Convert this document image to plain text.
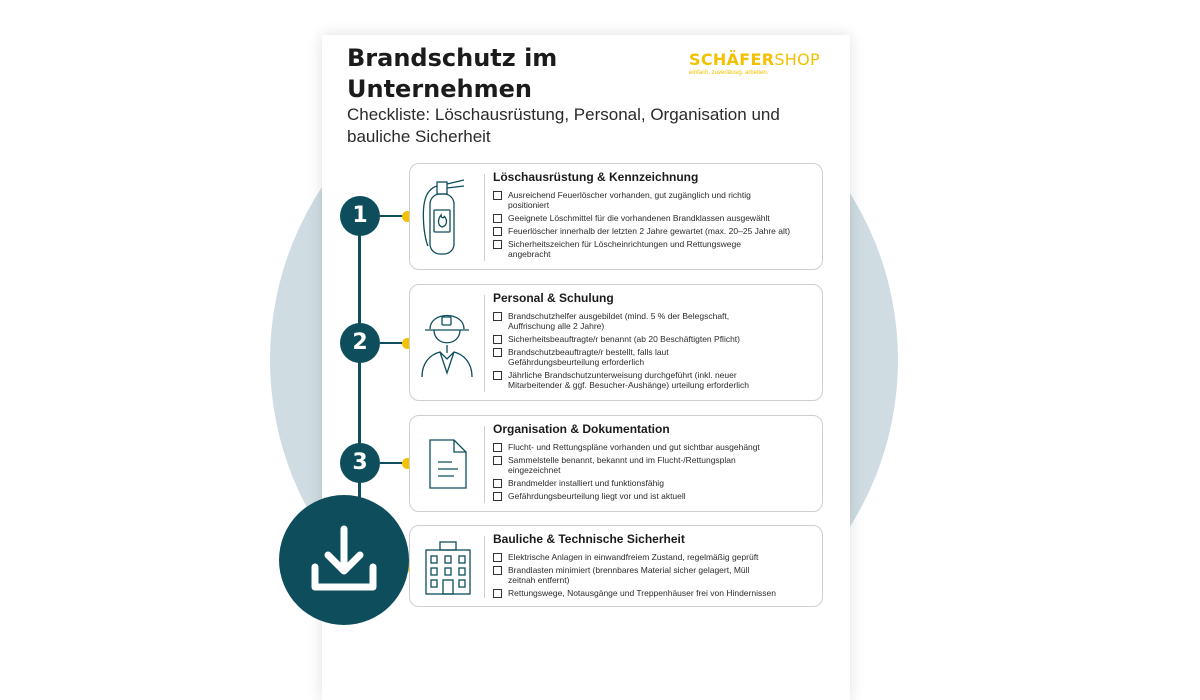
Brandschutz im
Unternehmen
Checkliste: Löschausrüstung, Personal, Organisation und bauliche Sicherheit
SCHÄFERSHOP
einfach. zuverlässig. arbeiten.
1
Löschausrüstung & Kennzeichnung
Ausreichend Feuerlöscher vorhanden, gut zugänglich und richtig
positioniert
Geeignete Löschmittel für die vorhandenen Brandklassen ausgewählt
Feuerlöscher innerhalb der letzten 2 Jahre gewartet (max. 20–25 Jahre alt)
Sicherheitszeichen für Löscheinrichtungen und Rettungswege
angebracht
2
Personal & Schulung
Brandschutzhelfer ausgebildet (mind. 5 % der Belegschaft,
Auffrischung alle 2 Jahre)
Sicherheitsbeauftragte/r benannt (ab 20 Beschäftigten Pflicht)
Brandschutzbeauftragte/r bestellt, falls laut
Gefährdungsbeurteilung erforderlich
Jährliche Brandschutzunterweisung durchgeführt (inkl. neuer
Mitarbeitender & ggf. Besucher-Aushänge) urteilung erforderlich
3
Organisation & Dokumentation
Flucht- und Rettungspläne vorhanden und gut sichtbar ausgehängt
Sammelstelle benannt, bekannt und im Flucht-/Rettungsplan
eingezeichnet
Brandmelder installiert und funktionsfähig
Gefährdungsbeurteilung liegt vor und ist aktuell
Bauliche & Technische Sicherheit
Elektrische Anlagen in einwandfreiem Zustand, regelmäßig geprüft
Brandlasten minimiert (brennbares Material sicher gelagert, Müll
zeitnah entfernt)
Rettungswege, Notausgänge und Treppenhäuser frei von Hindernissen
